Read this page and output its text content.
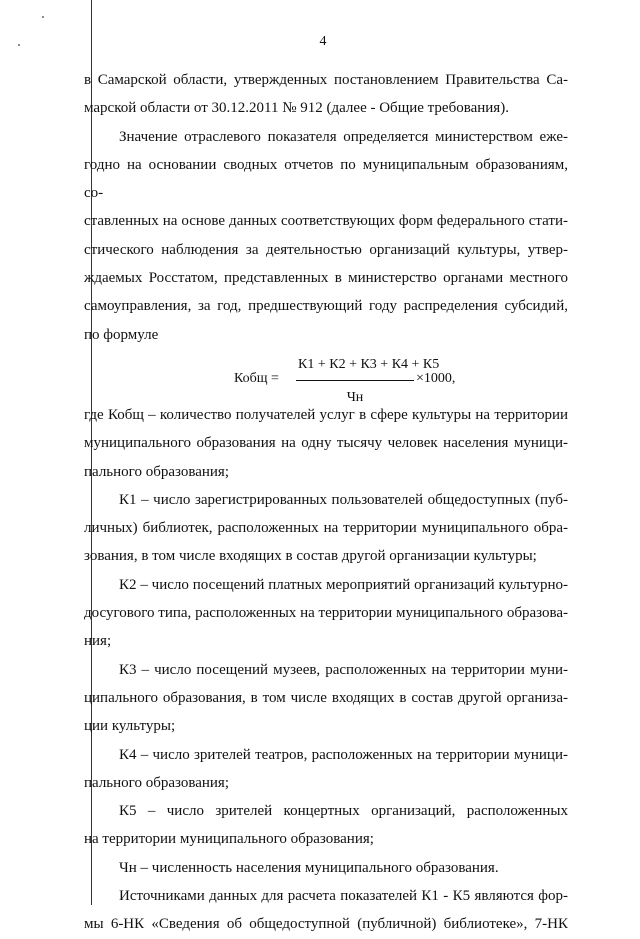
4

в Самарской области, утвержденных постановлением Правительства Са-

марской области от 30.12.2011 № 912 (далее - Общие требования).

Значение отраслевого показателя определяется министерством еже-

годно на основании сводных отчетов по муниципальным образованиям, со-

ставленных на основе данных соответствующих форм федерального стати-

стического наблюдения за деятельностью организаций культуры, утвер-

ждаемых Росстатом, представленных в министерство органами местного

самоуправления, за год, предшествующий году распределения субсидий,

по формуле

Кобщ =
К1 + К2 + К3 + К4 + К5
Чн
×1000,

где Кобщ – количество получателей услуг в сфере культуры на территории

муниципального образования на одну тысячу человек населения муници-

пального образования;

К1 – число зарегистрированных пользователей общедоступных (пуб-

личных) библиотек, расположенных на территории муниципального обра-

зования, в том числе входящих в состав другой организации культуры;

К2 – число посещений платных мероприятий организаций культурно-

досугового типа, расположенных на территории муниципального образова-

ния;

К3 – число посещений музеев, расположенных на территории муни-

ципального образования, в том числе входящих в состав другой организа-

ции культуры;

К4 – число зрителей театров, расположенных на территории муници-

пального образования;

К5 – число зрителей концертных организаций, расположенных

на территории муниципального образования;

Чн – численность населения муниципального образования.

Источниками данных для расчета показателей К1 - К5 являются фор-

мы 6-НК «Сведения об общедоступной (публичной) библиотеке», 7-НК
